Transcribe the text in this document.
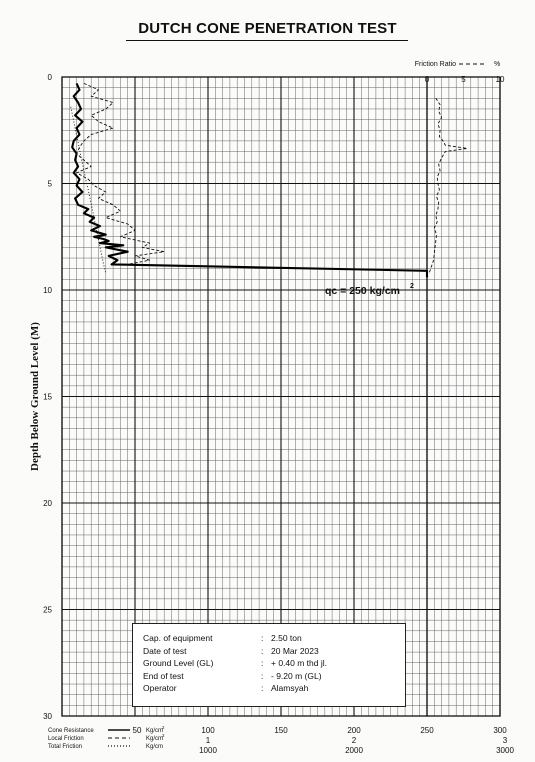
DUTCH CONE PENETRATION TEST
0	5	10
Friction Ratio	%
0
5
10
15
20
25
30
Depth Below Ground Level (M)
50	100	150	200	250	300
1	2	3
1000	2000	3000
qc = 250 kg/cm 2
Cone Resistance	Kg/cm
2
Local Friction	Kg/cm
2
Total Friction	Kg/cm
Cap. of equipment	: 2.50 ton
Date of test	: 20 Mar 2023
Ground Level (GL)	: + 0.40 m thd jl.
End of test	: - 9.20 m (GL)
Operator	: Alamsyah
